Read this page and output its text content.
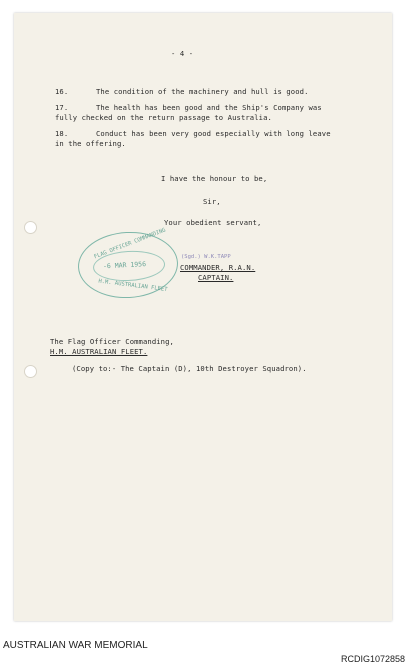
- 4 -
16.	The condition of the machinery and hull is good.
17.	The health has been good and the Ship's Company was
fully checked on the return passage to Australia.
18.	Conduct has been very good especially with long leave
in the offering.
I have the honour to be,
Sir,
Your obedient servant,
FLAG OFFICER COMMANDING
-6 MAR 1956
H.M. AUSTRALIAN FLEET
(Sgd.) W.K.TAPP
COMMANDER, R.A.N.
CAPTAIN.
The Flag Officer Commanding,
H.M. AUSTRALIAN FLEET.
(Copy to:- The Captain (D), 10th Destroyer Squadron).
AUSTRALIAN WAR MEMORIAL
RCDIG1072858
